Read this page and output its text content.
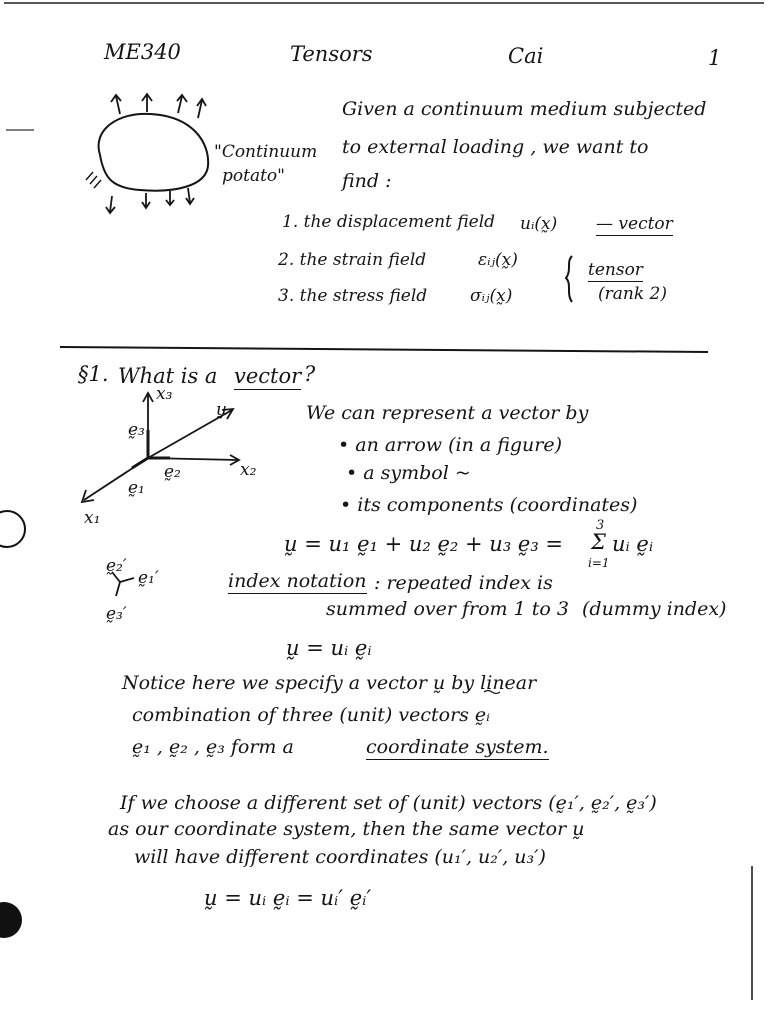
ME340	Tensors	Cai	1
"Continuum
potato"
Given a continuum medium subjected
to external loading , we want to
find :
1. the displacement field uᵢ(x̰) — vector
2. the strain field	εᵢⱼ(x̰)
3. the stress field	σᵢⱼ(x̰)
tensor
(rank 2)
§1. What is a vector ?
x₃
x₂
x₁
ṵ
ḛ₃
ḛ₂
ḛ₁
We can represent a vector by
• an arrow (in a figure)
• a symbol ~
• its components (coordinates)
ṵ = u₁ ḛ₁ + u₂ ḛ₂ + u₃ ḛ₃ =
3
Σ
i=1
uᵢ ḛᵢ
ḛ₂′
ḛ₁′
ḛ₃′
index notation : repeated index is
summed over from 1 to 3 (dummy index)
ṵ = uᵢ ḛᵢ
Notice here we specify a vector ṵ by linear
combination of three (unit) vectors ḛᵢ
ḛ₁ , ḛ₂ , ḛ₃ form a	coordinate system.
If we choose a different set of (unit) vectors (ḛ₁′, ḛ₂′, ḛ₃′)
as our coordinate system, then the same vector ṵ
will have different coordinates (u₁′, u₂′, u₃′)
ṵ = uᵢ ḛᵢ = uᵢ′ ḛᵢ′
